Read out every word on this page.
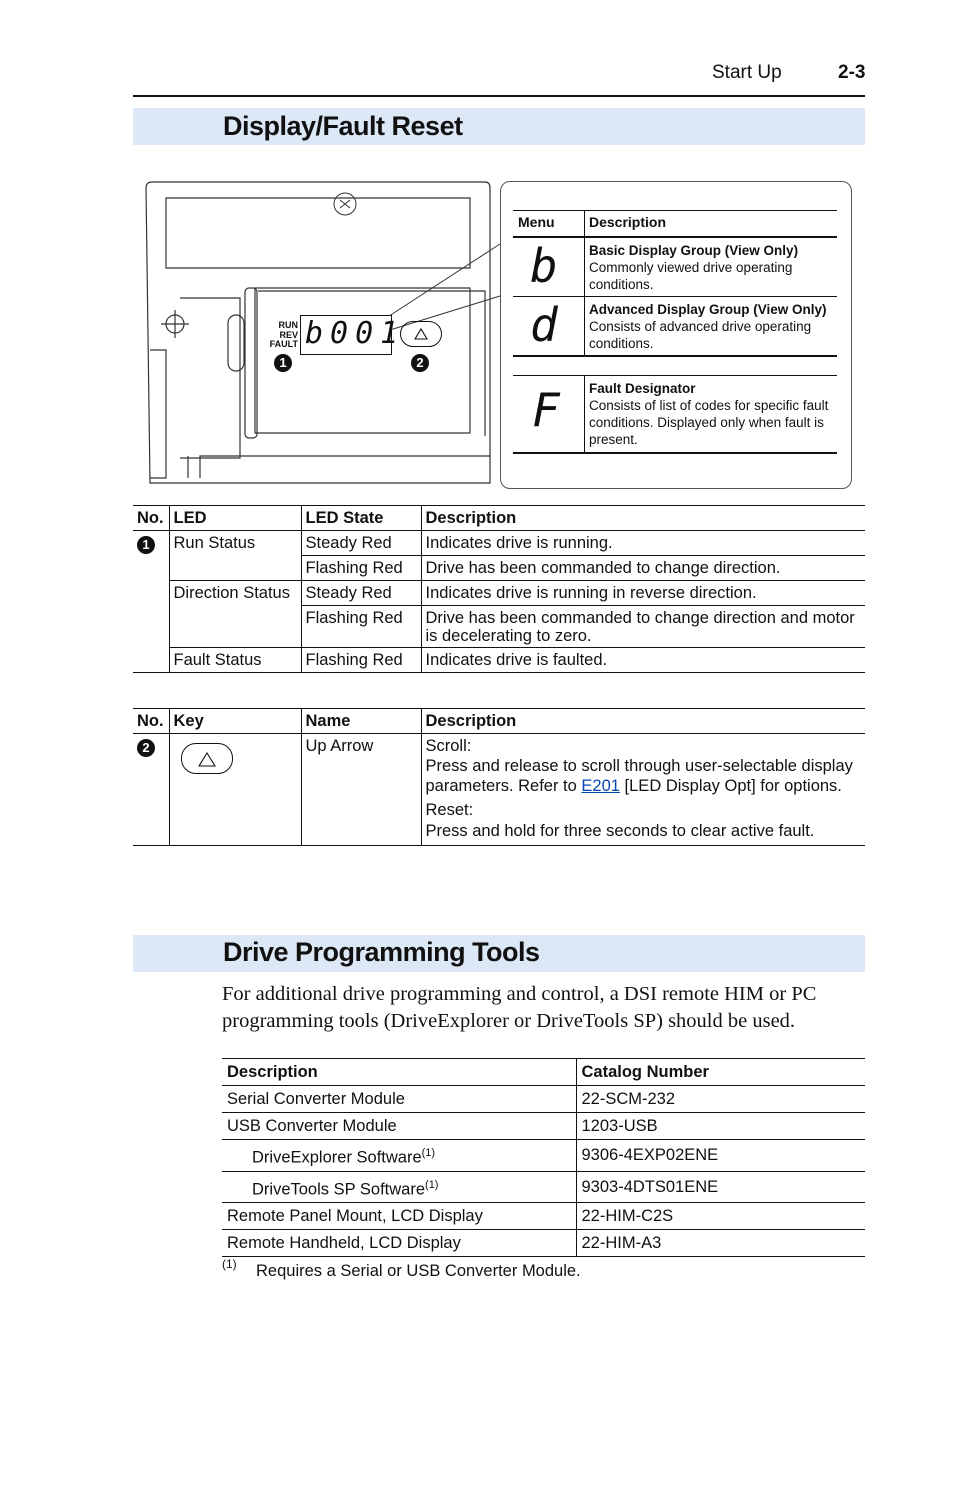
Start Up	2-3
Display/Fault Reset
RUN
REV
FAULT b001
1	2
Menu Description
b Basic Display Group (View Only)
Commonly viewed drive operating conditions.
d Advanced Display Group (View Only)
Consists of advanced drive operating conditions.
F Fault Designator
Consists of list of codes for specific fault conditions. Displayed only when fault is present.
No.	LED	LED State	Description
1	Run Status	Steady Red	Indicates drive is running.
		Flashing Red	Drive has been commanded to change direction.
	Direction Status	Steady Red	Indicates drive is running in reverse direction.
		Flashing Red	Drive has been commanded to change direction and motor is decelerating to zero.
	Fault Status	Flashing Red	Indicates drive is faulted.
No.	Key	Name	Description
2		Up Arrow	Scroll:
Press and release to scroll through user-selectable display parameters. Refer to E201 [LED Display Opt] for options.
Reset:
Press and hold for three seconds to clear active fault.
Drive Programming Tools
For additional drive programming and control, a DSI remote HIM or PC programming tools (DriveExplorer or DriveTools SP) should be used.
Description	Catalog Number
Serial Converter Module	22-SCM-232
USB Converter Module	1203-USB
DriveExplorer Software$^{(1)}$	9306-4EXP02ENE
DriveTools SP Software$^{(1)}$	9303-4DTS01ENE
Remote Panel Mount, LCD Display	22-HIM-C2S
Remote Handheld, LCD Display	22-HIM-A3
(1) Requires a Serial or USB Converter Module.
